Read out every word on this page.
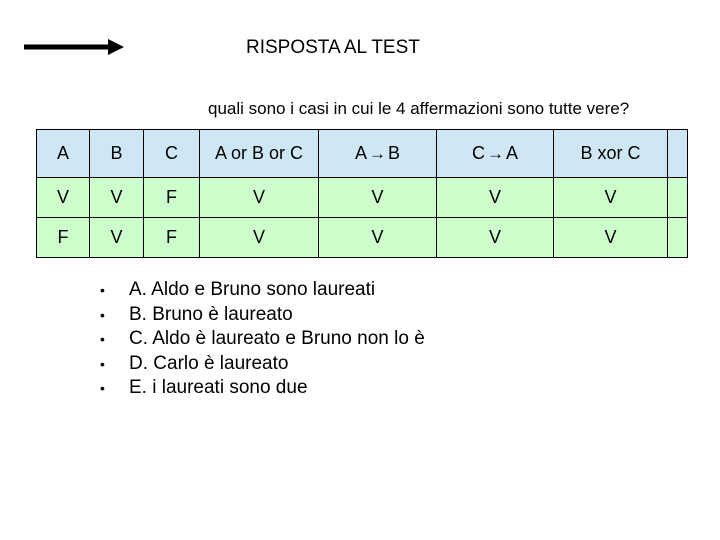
RISPOSTA AL TEST
quali sono i casi in cui le 4 affermazioni sono tutte vere?
A	B	C	A or B or C	A → B	C → A	B xor C	
V	V	F	V	V	V	V	
F	V	F	V	V	V	V	
• A. Aldo e Bruno sono laureati
• B. Bruno è laureato
• C. Aldo è laureato e Bruno non lo è
• D. Carlo è laureato
• E. i laureati sono due
